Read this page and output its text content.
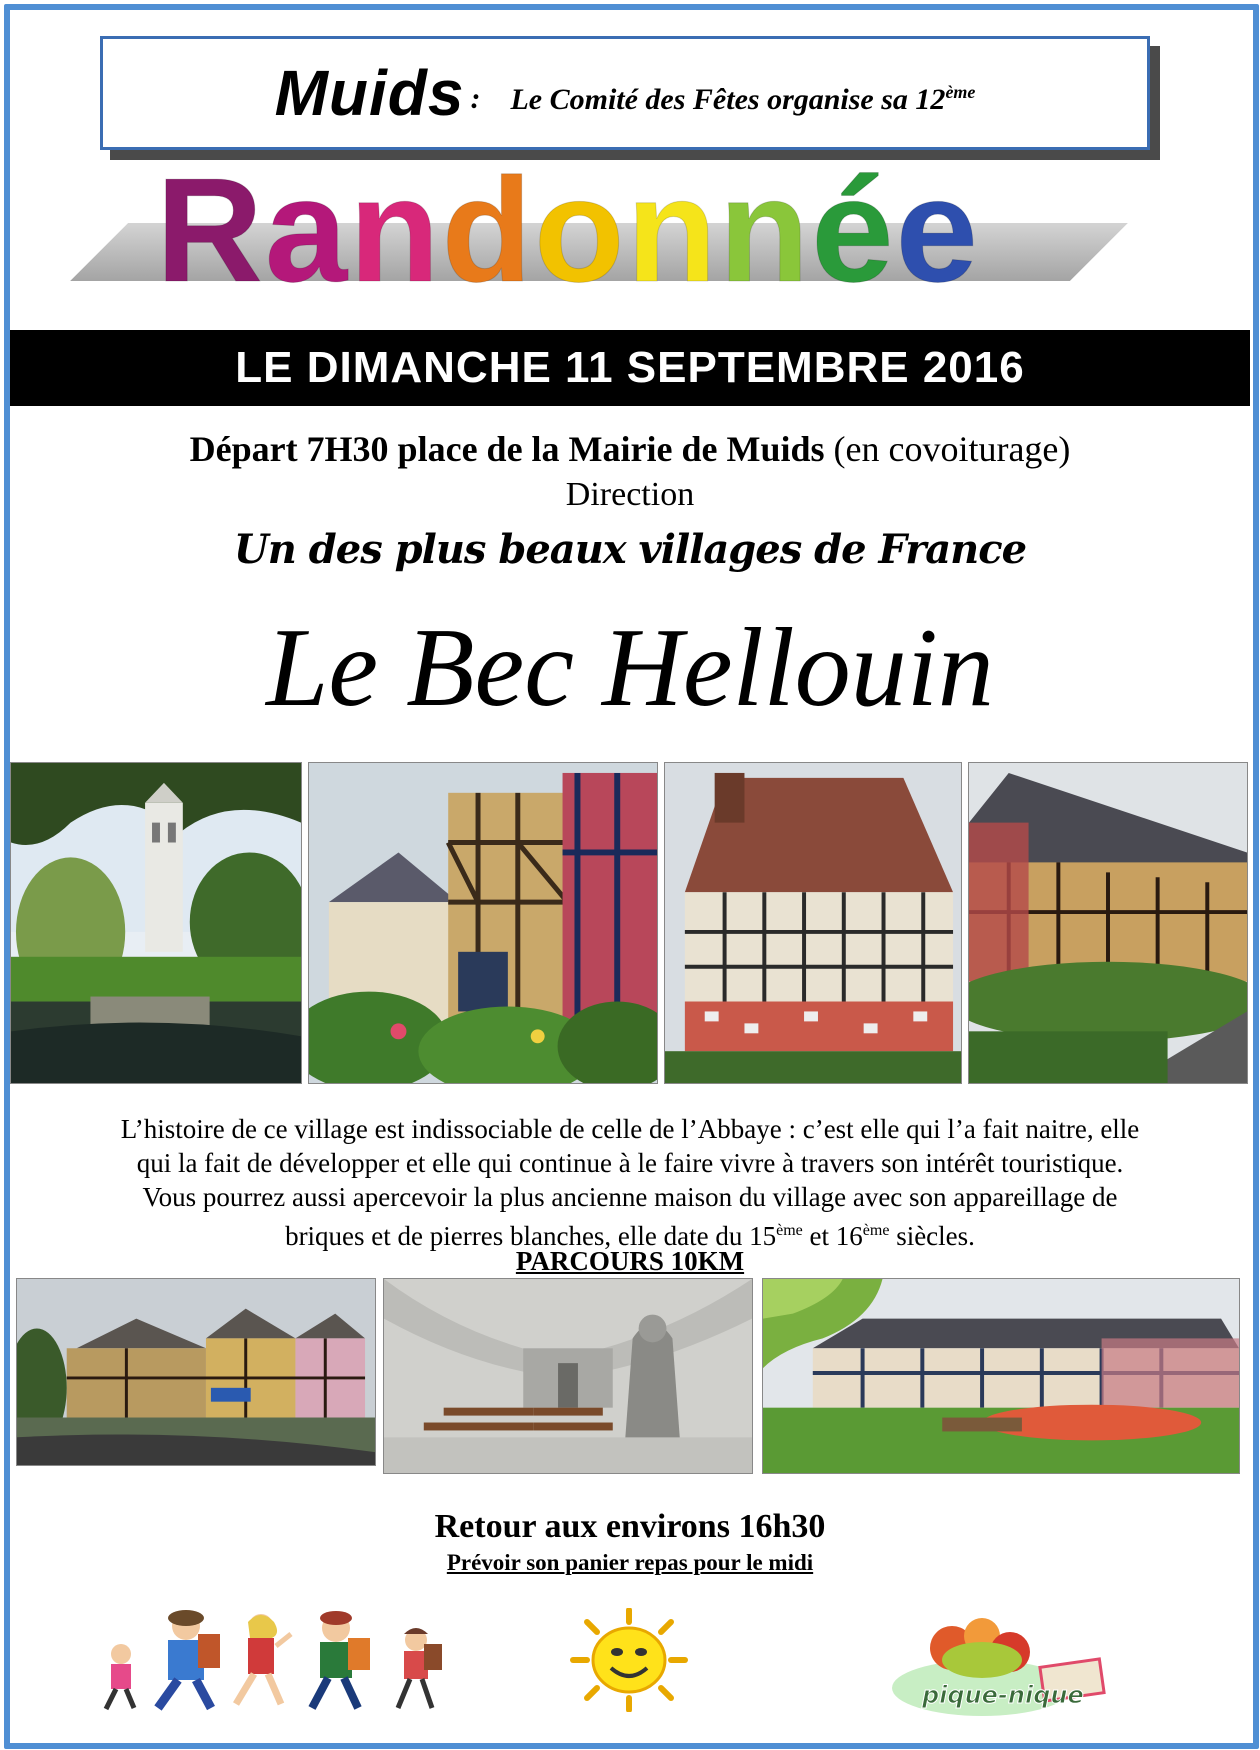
Muids : Le Comité des Fêtes organise sa 12ème
Randonnée
LE DIMANCHE 11 SEPTEMBRE 2016
Départ 7H30 place de la Mairie de Muids (en covoiturage)
Direction
Un des plus beaux villages de France
Le Bec Hellouin
L’histoire de ce village est indissociable de celle de l’Abbaye : c’est elle qui l’a fait naitre, elle
qui la fait de développer et elle qui continue à le faire vivre à travers son intérêt touristique.
Vous pourrez aussi apercevoir la plus ancienne maison du village avec son appareillage de
briques et de pierres blanches, elle date du 15ème et 16ème siècles.
PARCOURS 10KM
Retour aux environs 16h30
Prévoir son panier repas pour le midi
pique-nique
